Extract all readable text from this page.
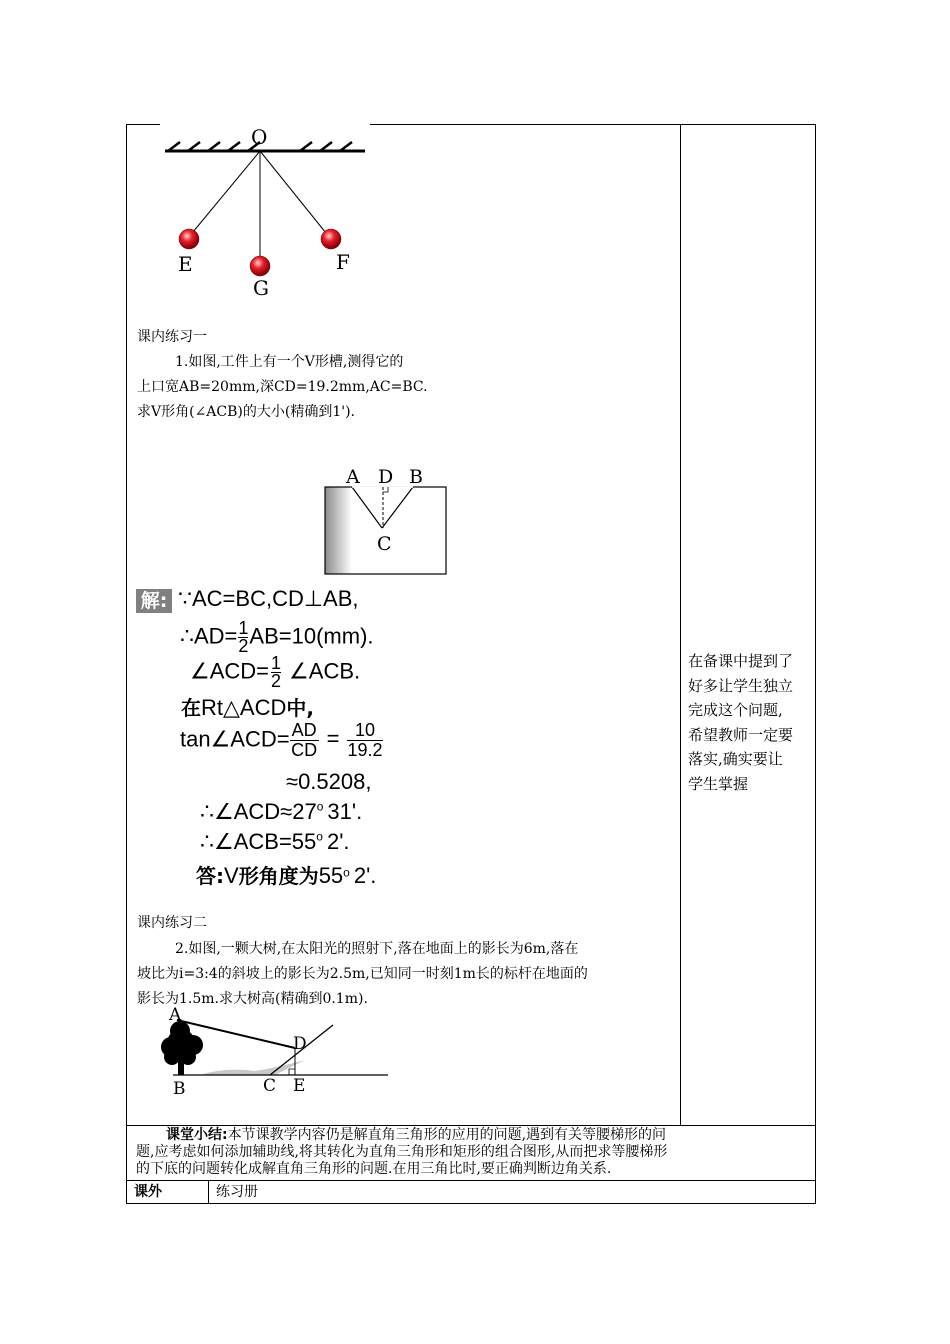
O
E	F
G
课内练习一
1.如图,工件上有一个V形槽,测得它的
上口宽AB=20mm,深CD=19.2mm,AC=BC.
求V形角(∠ACB)的大小(精确到1').
A D B
C
解: ∵AC=BC,CD⊥AB,
∴AD= $\frac{1}{2} AB=10(mm)$.
∠ACD= $\frac{1}{2}$ ∠ACB.
在Rt△ACD中,
tan∠ACD= $\frac{AD}{CD} = \frac{10}{19.2}$
≈0.5208,
$\therefore\angle ACD\approx 27^o$ 31'.
$\therefore\angle ACB=55^o$ 2'.
答:V形角度为55$^o$ 2'.
课内练习二
2.如图,一颗大树,在太阳光的照射下,落在地面上的影长为6m,落在
坡比为i=3:4的斜坡上的影长为2.5m,已知同一时刻1m长的标杆在地面的
影长为1.5m.求大树高(精确到0.1m).
A
B	C
D
E
在备课中提到了
好多让学生独立
完成这个问题,
希望教师一定要
落实,确实要让
学生掌握
课堂小结:本节课教学内容仍是解直角三角形的应用的问题,遇到有关等腰梯形的问
题,应考虑如何添加辅助线,将其转化为直角三角形和矩形的组合图形,从而把求等腰梯形
的下底的问题转化成解直角三角形的问题.在用三角比时,要正确判断边角关系.
课外	练习册
